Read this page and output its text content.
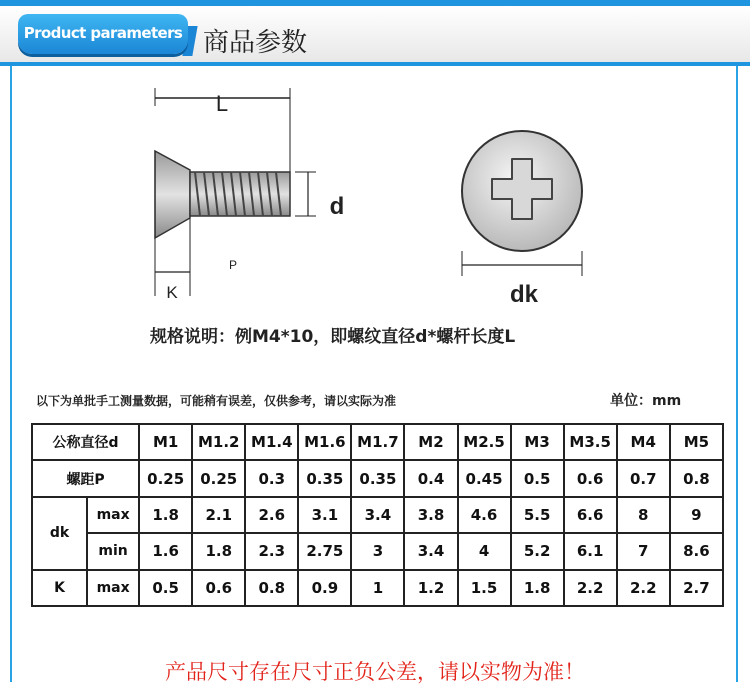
Product parameters 商品参数
L
K
d
P
dk
规格说明：例M4*10，即螺纹直径d*螺杆长度L
以下为单批手工测量数据，可能稍有误差，仅供参考，请以实际为准	单位：mm
公称直径d		M1	M1.2	M1.4	M1.6	M1.7	M2	M2.5	M3	M3.5	M4	M5
螺距P		0.25	0.25	0.3	0.35	0.35	0.4	0.45	0.5	0.6	0.7	0.8
dk	max	1.8	2.1	2.6	3.1	3.4	3.8	4.6	5.5	6.6	8	9
	min	1.6	1.8	2.3	2.75	3	3.4	4	5.2	6.1	7	8.6
K	max	0.5	0.6	0.8	0.9	1	1.2	1.5	1.8	2.2	2.2	2.7
产品尺寸存在尺寸正负公差，请以实物为准！
